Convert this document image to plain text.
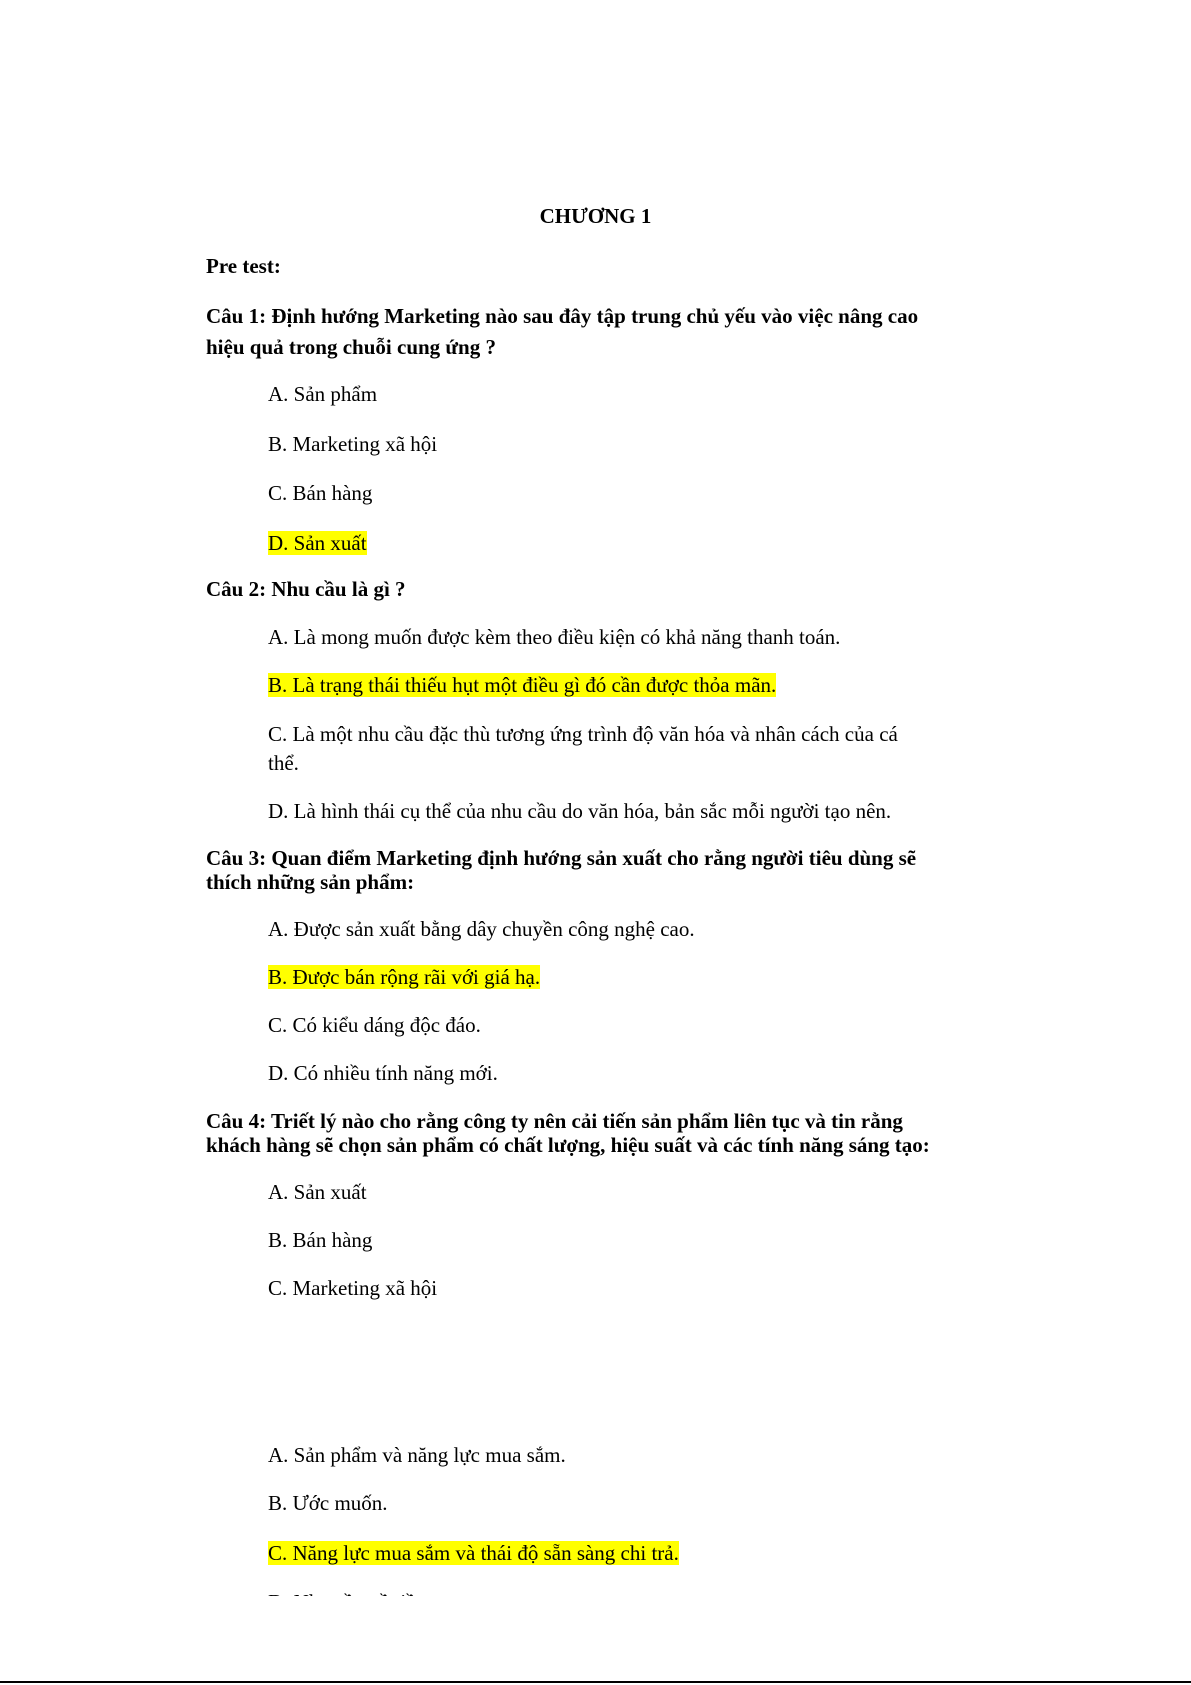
CHƯƠNG 1
Pre test:
Câu 1: Định hướng Marketing nào sau đây tập trung chủ yếu vào việc nâng cao
hiệu quả trong chuỗi cung ứng ?
A. Sản phẩm
B. Marketing xã hội
C. Bán hàng
D. Sản xuất
Câu 2: Nhu cầu là gì ?
A. Là mong muốn được kèm theo điều kiện có khả năng thanh toán.
B. Là trạng thái thiếu hụt một điều gì đó cần được thỏa mãn.
C. Là một nhu cầu đặc thù tương ứng trình độ văn hóa và nhân cách của cá
thể.
D. Là hình thái cụ thể của nhu cầu do văn hóa, bản sắc mỗi người tạo nên.
Câu 3: Quan điểm Marketing định hướng sản xuất cho rằng người tiêu dùng sẽ
thích những sản phẩm:
A. Được sản xuất bằng dây chuyền công nghệ cao.
B. Được bán rộng rãi với giá hạ.
C. Có kiểu dáng độc đáo.
D. Có nhiều tính năng mới.
Câu 4: Triết lý nào cho rằng công ty nên cải tiến sản phẩm liên tục và tin rằng
khách hàng sẽ chọn sản phẩm có chất lượng, hiệu suất và các tính năng sáng tạo:
A. Sản xuất
B. Bán hàng
C. Marketing xã hội
A. Sản phẩm và năng lực mua sắm.
B. Ước muốn.
C. Năng lực mua sắm và thái độ sẵn sàng chi trả.
